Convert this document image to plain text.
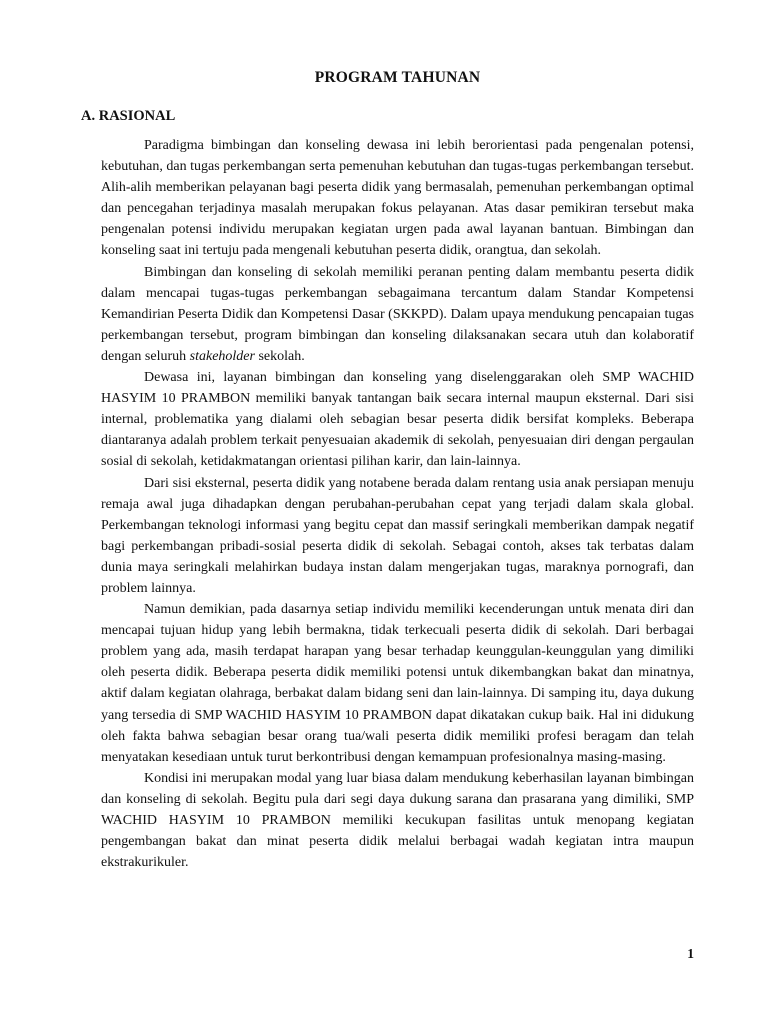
PROGRAM TAHUNAN
A. RASIONAL

Paradigma bimbingan dan konseling dewasa ini lebih berorientasi pada pengenalan potensi, kebutuhan, dan tugas perkembangan serta pemenuhan kebutuhan dan tugas-tugas perkembangan tersebut. Alih-alih memberikan pelayanan bagi peserta didik yang bermasalah, pemenuhan perkembangan optimal dan pencegahan terjadinya masalah merupakan fokus pelayanan. Atas dasar pemikiran tersebut maka pengenalan potensi individu merupakan kegiatan urgen pada awal layanan bantuan. Bimbingan dan konseling saat ini tertuju pada mengenali kebutuhan peserta didik, orangtua, dan sekolah.

Bimbingan dan konseling di sekolah memiliki peranan penting dalam membantu peserta didik dalam mencapai tugas-tugas perkembangan sebagaimana tercantum dalam Standar Kompetensi Kemandirian Peserta Didik dan Kompetensi Dasar (SKKPD). Dalam upaya mendukung pencapaian tugas perkembangan tersebut, program bimbingan dan konseling dilaksanakan secara utuh dan kolaboratif dengan seluruh stakeholder sekolah.

Dewasa ini, layanan bimbingan dan konseling yang diselenggarakan oleh SMP WACHID HASYIM 10 PRAMBON memiliki banyak tantangan baik secara internal maupun eksternal. Dari sisi internal, problematika yang dialami oleh sebagian besar peserta didik bersifat kompleks. Beberapa diantaranya adalah problem terkait penyesuaian akademik di sekolah, penyesuaian diri dengan pergaulan sosial di sekolah, ketidakmatangan orientasi pilihan karir, dan lain-lainnya.

Dari sisi eksternal, peserta didik yang notabene berada dalam rentang usia anak persiapan menuju remaja awal juga dihadapkan dengan perubahan-perubahan cepat yang terjadi dalam skala global. Perkembangan teknologi informasi yang begitu cepat dan massif seringkali memberikan dampak negatif bagi perkembangan pribadi-sosial peserta didik di sekolah. Sebagai contoh, akses tak terbatas dalam dunia maya seringkali melahirkan budaya instan dalam mengerjakan tugas, maraknya pornografi, dan problem lainnya.

Namun demikian, pada dasarnya setiap individu memiliki kecenderungan untuk menata diri dan mencapai tujuan hidup yang lebih bermakna, tidak terkecuali peserta didik di sekolah. Dari berbagai problem yang ada, masih terdapat harapan yang besar terhadap keunggulan-keunggulan yang dimiliki oleh peserta didik. Beberapa peserta didik memiliki potensi untuk dikembangkan bakat dan minatnya, aktif dalam kegiatan olahraga, berbakat dalam bidang seni dan lain-lainnya. Di samping itu, daya dukung yang tersedia di SMP WACHID HASYIM 10 PRAMBON dapat dikatakan cukup baik. Hal ini didukung oleh fakta bahwa sebagian besar orang tua/wali peserta didik memiliki profesi beragam dan telah menyatakan kesediaan untuk turut berkontribusi dengan kemampuan profesionalnya masing-masing.

Kondisi ini merupakan modal yang luar biasa dalam mendukung keberhasilan layanan bimbingan dan konseling di sekolah. Begitu pula dari segi daya dukung sarana dan prasarana yang dimiliki, SMP WACHID HASYIM 10 PRAMBON memiliki kecukupan fasilitas untuk menopang kegiatan pengembangan bakat dan minat peserta didik melalui berbagai wadah kegiatan intra maupun ekstrakurikuler.

1
